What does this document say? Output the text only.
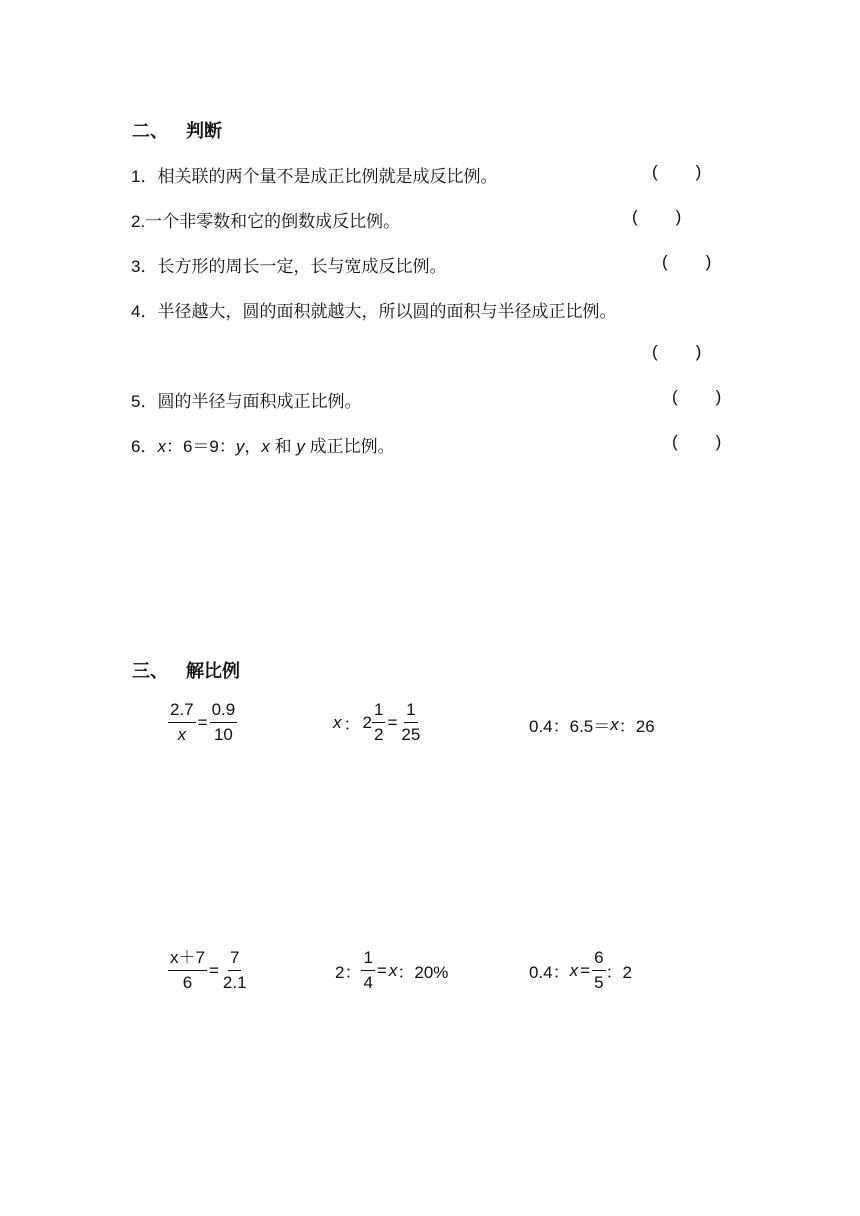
二、 判断
1．相关联的两个量不是成正比例就是成反比例。	( )
2.一个非零数和它的倒数成反比例。	( )
3．长方形的周长一定，长与宽成反比例。	( )
4．半径越大，圆的面积就越大，所以圆的面积与半径成正比例。
( )
5．圆的半径与面积成正比例。	( )
6．x：6＝9：y，x 和 y 成正比例。	( )
三、 解比例
$\frac{2.7}{x} = \frac{0.9}{10}$	x ： $2 \frac{1}{2} = \frac{1}{25}$	0.4：6.5＝ x ：26
$\frac{x+7}{6} = \frac{7}{2.1}$	2： $\frac{1}{4} = x$ ：20%	0.4： $x = \frac{6}{5}$ ：2
